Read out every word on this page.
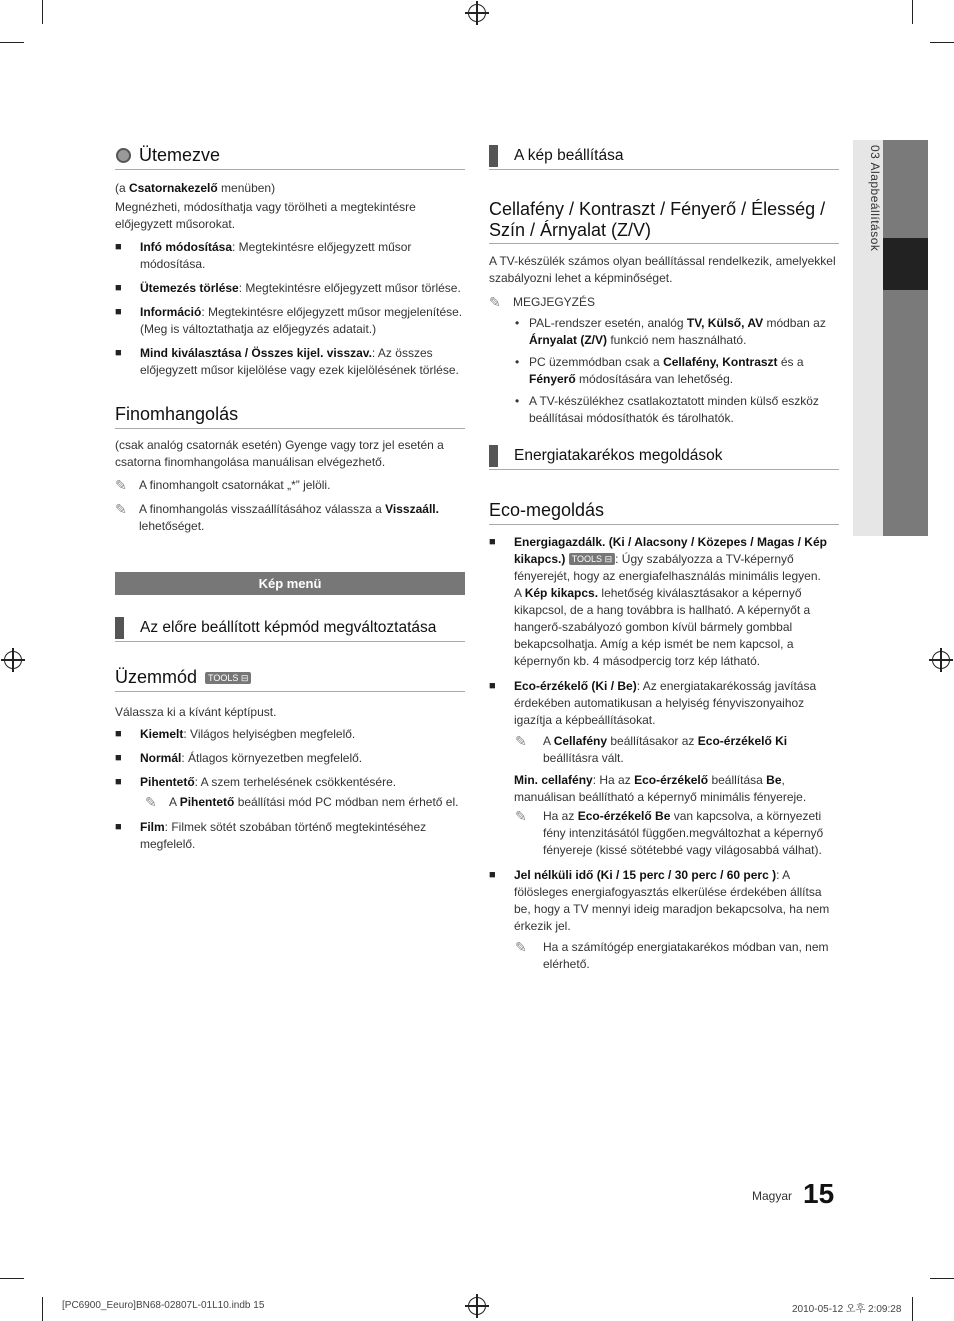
03 Alapbeállítások
Ütemezve

(a Csatornakezelő menüben)

Megnézheti, módosíthatja vagy törölheti a megtekintésre előjegyzett műsorokat.

■ Infó módosítása: Megtekintésre előjegyzett műsor módosítása.
■ Ütemezés törlése: Megtekintésre előjegyzett műsor törlése.
■ Információ: Megtekintésre előjegyzett műsor megjelenítése. (Meg is változtathatja az előjegyzés adatait.)
■ Mind kiválasztása / Összes kijel. visszav.: Az összes előjegyzett műsor kijelölése vagy ezek kijelölésének törlése.
Finomhangolás

(csak analóg csatornák esetén) Gyenge vagy torz jel esetén a csatorna finomhangolása manuálisan elvégezhető.

✎ A finomhangolt csatornákat „*” jelöli.
✎ A finomhangolás visszaállításához válassza a Visszaáll. lehetőséget.
Kép menü
Az előre beállított képmód megváltoztatása
Üzemmód	TOOLS ⊟

Válassza ki a kívánt képtípust.

■ Kiemelt: Világos helyiségben megfelelő.
■ Normál: Átlagos környezetben megfelelő.
■ Pihentető: A szem terhelésének csökkentésére.
✎ A Pihentető beállítási mód PC módban nem érhető el.
■ Film: Filmek sötét szobában történő megtekintéséhez megfelelő.
A kép beállítása
Cellafény / Kontraszt / Fényerő / Élesség / Szín / Árnyalat (Z/V)

A TV-készülék számos olyan beállítással rendelkezik, amelyekkel szabályozni lehet a képminőséget.

✎ MEGJEGYZÉS
• PAL-rendszer esetén, analóg TV, Külső, AV módban az Árnyalat (Z/V) funkció nem használható.
• PC üzemmódban csak a Cellafény, Kontraszt és a Fényerő módosítására van lehetőség.
• A TV-készülékhez csatlakoztatott minden külső eszköz beállításai módosíthatók és tárolhatók.
Energiatakarékos megoldások
Eco-megoldás
■ Energiagazdálk. (Ki / Alacsony / Közepes / Magas / Kép kikapcs.) TOOLS ⊟ : Úgy szabályozza a TV-képernyő fényerejét, hogy az energiafelhasználás minimális legyen.
A Kép kikapcs. lehetőség kiválasztásakor a képernyő kikapcsol, de a hang továbbra is hallható. A képernyőt a hangerő-szabályozó gombon kívül bármely gombbal bekapcsolhatja. Amíg a kép ismét be nem kapcsol, a képernyőn kb. 4 másodpercig torz kép látható.
■ Eco-érzékelő (Ki / Be): Az energiatakarékosság javítása érdekében automatikusan a helyiség fényviszonyaihoz igazítja a képbeállításokat.
✎ A Cellafény beállításakor az Eco-érzékelő Ki beállításra vált.

Min. cellafény: Ha az Eco-érzékelő beállítása Be, manuálisan beállítható a képernyő minimális fényereje.

✎ Ha az Eco-érzékelő Be van kapcsolva, a környezeti fény intenzitásától függően.megváltozhat a képernyő fényereje (kissé sötétebbé vagy világosabbá válhat).
■ Jel nélküli idő (Ki / 15 perc / 30 perc / 60 perc ): A fölösleges energiafogyasztás elkerülése érdekében állítsa be, hogy a TV mennyi ideig maradjon bekapcsolva, ha nem érkezik jel.
✎ Ha a számítógép energiatakarékos módban van, nem elérhető.
Magyar 15
[PC6900_Eeuro]BN68-02807L-01L10.indb 15	2010-05-12 오후 2:09:28
